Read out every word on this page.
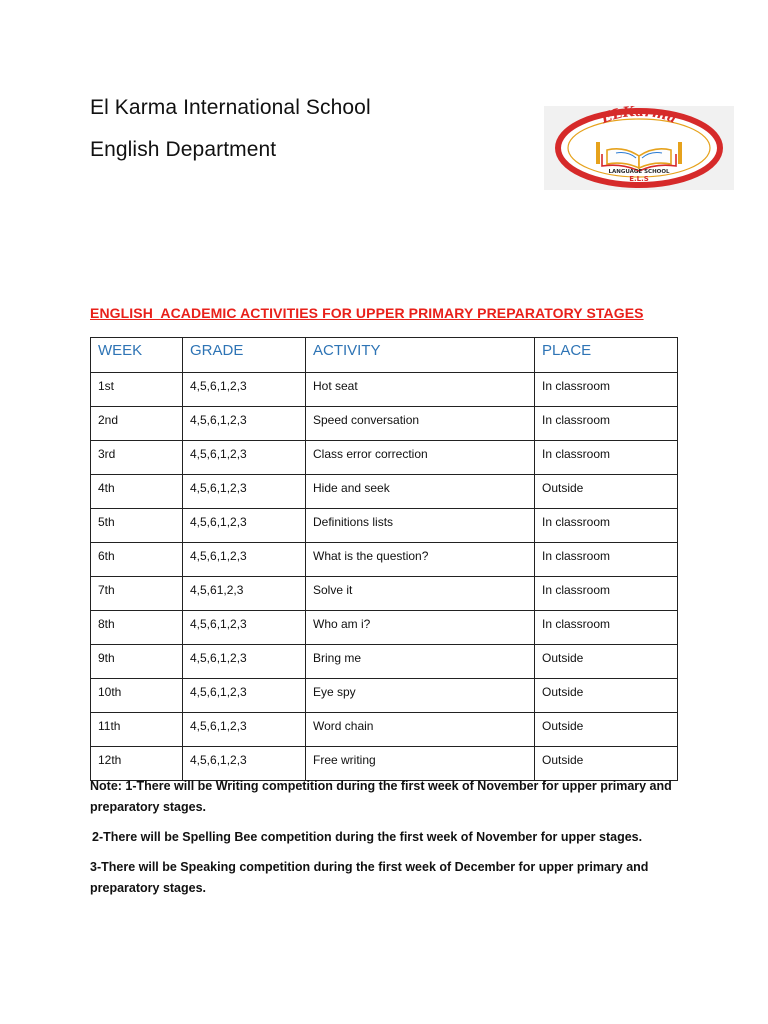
El Karma International School
English Department
ELKarma
LANGUAGE SCHOOL
E.L.S
ENGLISH  ACADEMIC ACTIVITIES FOR UPPER PRIMARY PREPARATORY STAGES
WEEK	GRADE	ACTIVITY	PLACE
1st	4,5,6,1,2,3	Hot seat	In classroom
2nd	4,5,6,1,2,3	Speed conversation	In classroom
3rd	4,5,6,1,2,3	Class error correction	In classroom
4th	4,5,6,1,2,3	Hide and seek	Outside
5th	4,5,6,1,2,3	Definitions lists	In classroom
6th	4,5,6,1,2,3	What is the question?	In classroom
7th	4,5,61,2,3	Solve it	In classroom
8th	4,5,6,1,2,3	Who am i?	In classroom
9th	4,5,6,1,2,3	Bring me	Outside
10th	4,5,6,1,2,3	Eye spy	Outside
11th	4,5,6,1,2,3	Word chain	Outside
12th	4,5,6,1,2,3	Free writing	Outside
Note: 1-There will be Writing competition during the first week of November for upper primary and preparatory stages.
2-There will be Spelling Bee competition during the first week of November for upper stages.
3-There will be Speaking competition during the first week of December for upper primary and preparatory stages.
